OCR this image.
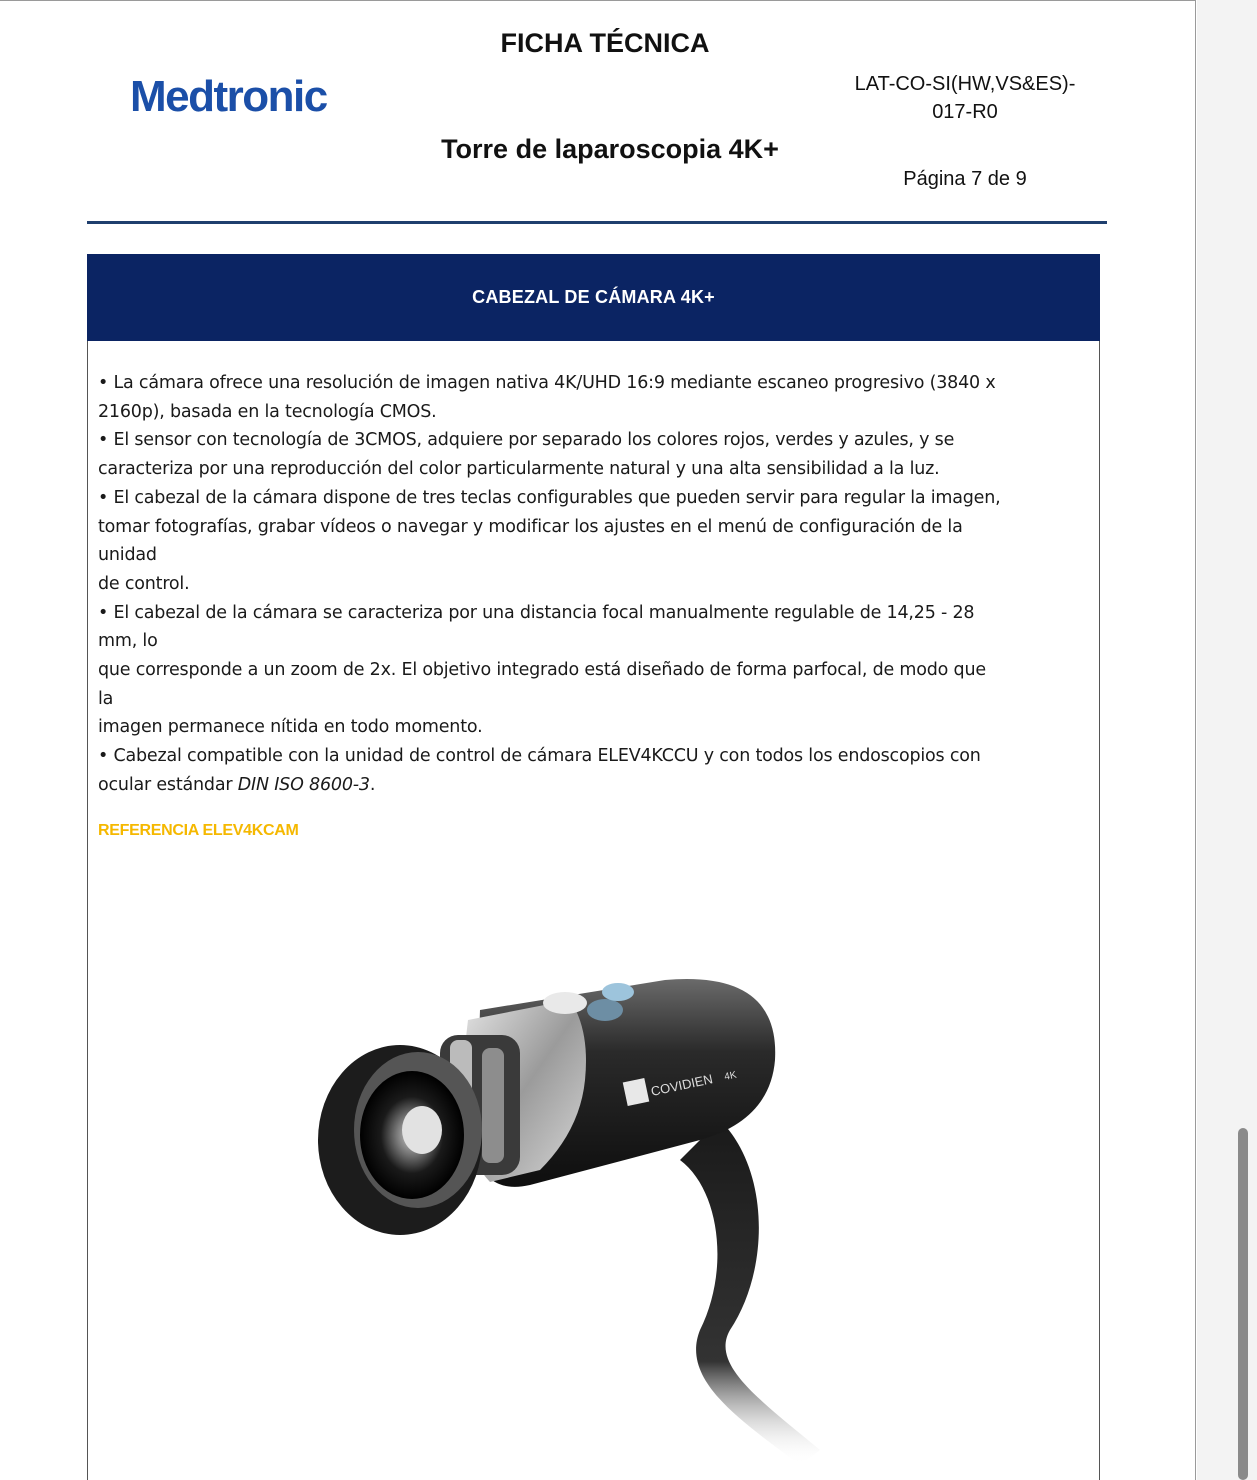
Medtronic
FICHA TÉCNICA
Torre de laparoscopia 4K+
LAT-CO-SI(HW,VS&ES)-
017-R0
Página 7 de 9
CABEZAL DE CÁMARA 4K+

• La cámara ofrece una resolución de imagen nativa 4K/UHD 16:9 mediante escaneo progresivo (3840 x

2160p), basada en la tecnología CMOS.

• El sensor con tecnología de 3CMOS, adquiere por separado los colores rojos, verdes y azules, y se

caracteriza por una reproducción del color particularmente natural y una alta sensibilidad a la luz.

• El cabezal de la cámara dispone de tres teclas configurables que pueden servir para regular la imagen,

tomar fotografías, grabar vídeos o navegar y modificar los ajustes en el menú de configuración de la

unidad

de control.

• El cabezal de la cámara se caracteriza por una distancia focal manualmente regulable de 14,25 - 28

mm, lo

que corresponde a un zoom de 2x. El objetivo integrado está diseñado de forma parfocal, de modo que

la

imagen permanece nítida en todo momento.

• Cabezal compatible con la unidad de control de cámara ELEV4KCCU y con todos los endoscopios con

ocular estándar DIN ISO 8600-3.

REFERENCIA ELEV4KCAM
COVIDIEN 4K
